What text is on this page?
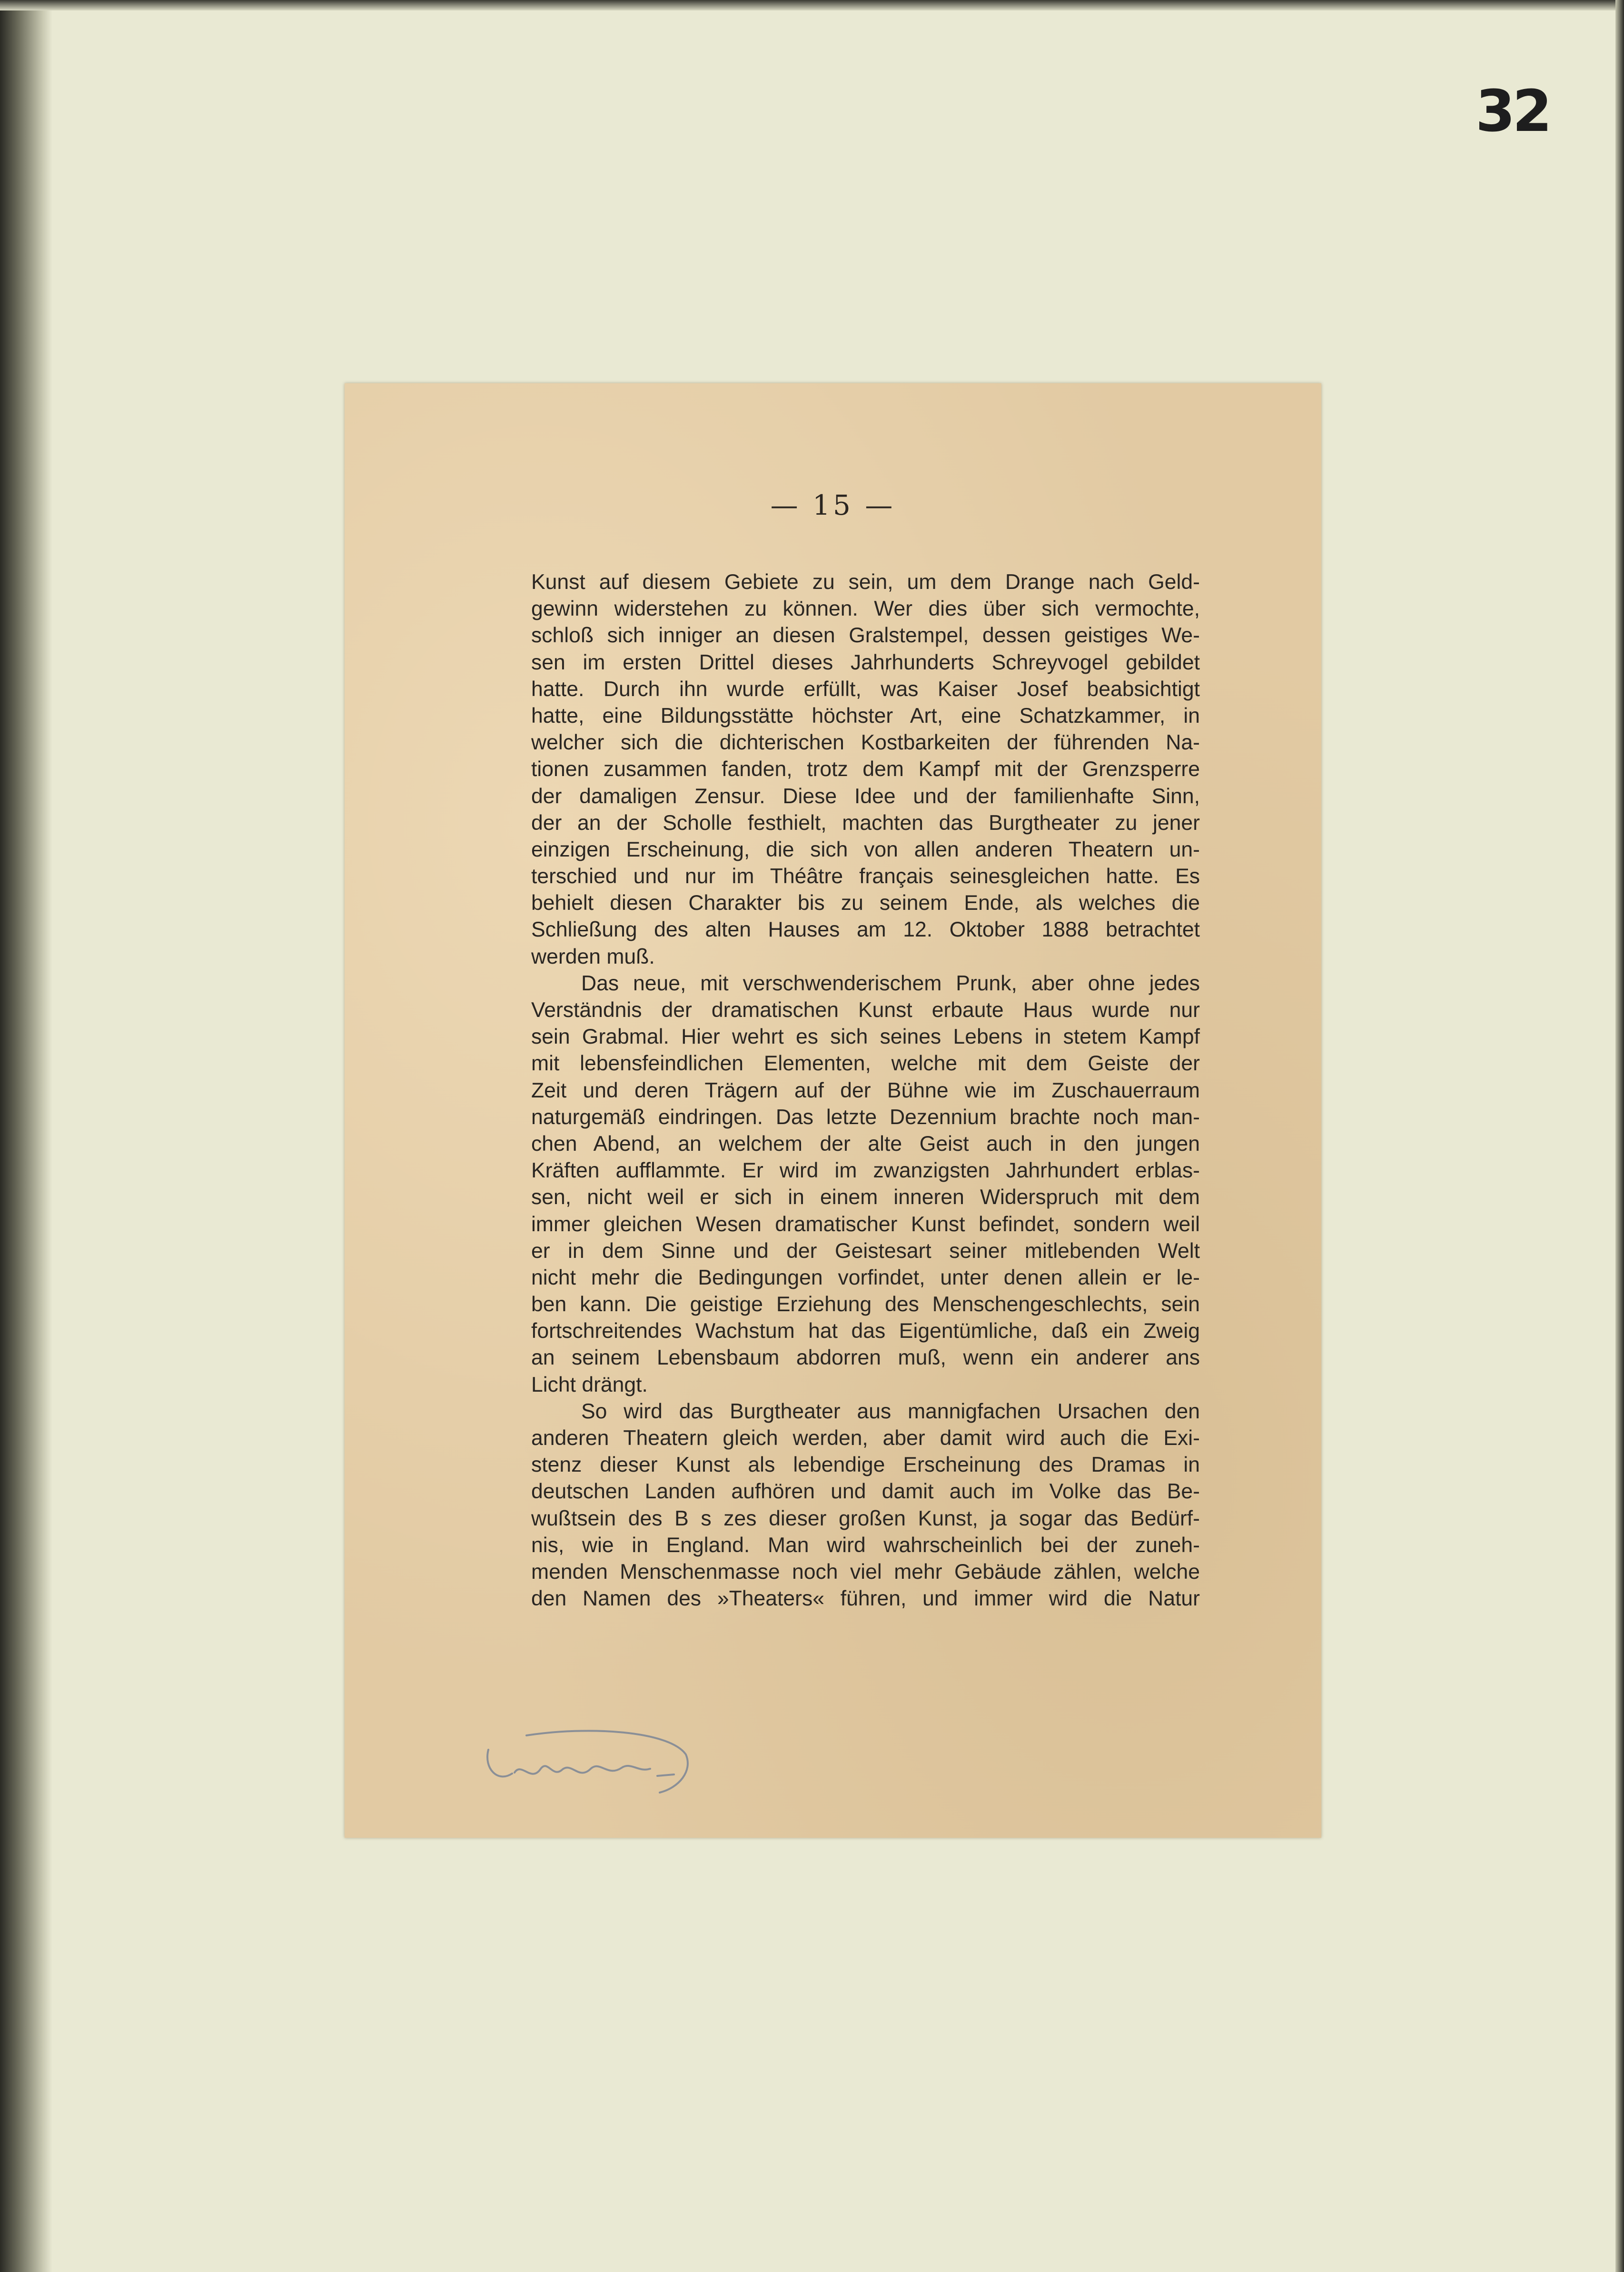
32
— 15 —
Kunst auf diesem Gebiete zu sein, um dem Drange nach Geld-
gewinn widerstehen zu können. Wer dies über sich vermochte,
schloß sich inniger an diesen Gralstempel, dessen geistiges We-
sen im ersten Drittel dieses Jahrhunderts Schreyvogel gebildet
hatte. Durch ihn wurde erfüllt, was Kaiser Josef beabsichtigt
hatte, eine Bildungsstätte höchster Art, eine Schatzkammer, in
welcher sich die dichterischen Kostbarkeiten der führenden Na-
tionen zusammen fanden, trotz dem Kampf mit der Grenzsperre
der damaligen Zensur. Diese Idee und der familienhafte Sinn,
der an der Scholle festhielt, machten das Burgtheater zu jener
einzigen Erscheinung, die sich von allen anderen Theatern un-
terschied und nur im Théâtre français seinesgleichen hatte. Es
behielt diesen Charakter bis zu seinem Ende, als welches die
Schließung des alten Hauses am 12. Oktober 1888 betrachtet
werden muß.
Das neue, mit verschwenderischem Prunk, aber ohne jedes
Verständnis der dramatischen Kunst erbaute Haus wurde nur
sein Grabmal. Hier wehrt es sich seines Lebens in stetem Kampf
mit lebensfeindlichen Elementen, welche mit dem Geiste der
Zeit und deren Trägern auf der Bühne wie im Zuschauerraum
naturgemäß eindringen. Das letzte Dezennium brachte noch man-
chen Abend, an welchem der alte Geist auch in den jungen
Kräften aufflammte. Er wird im zwanzigsten Jahrhundert erblas-
sen, nicht weil er sich in einem inneren Widerspruch mit dem
immer gleichen Wesen dramatischer Kunst befindet, sondern weil
er in dem Sinne und der Geistesart seiner mitlebenden Welt
nicht mehr die Bedingungen vorfindet, unter denen allein er le-
ben kann. Die geistige Erziehung des Menschengeschlechts, sein
fortschreitendes Wachstum hat das Eigentümliche, daß ein Zweig
an seinem Lebensbaum abdorren muß, wenn ein anderer ans
Licht drängt.
So wird das Burgtheater aus mannigfachen Ursachen den
anderen Theatern gleich werden, aber damit wird auch die Exi-
stenz dieser Kunst als lebendige Erscheinung des Dramas in
deutschen Landen aufhören und damit auch im Volke das Be-
wußtsein des B s zes dieser großen Kunst, ja sogar das Bedürf-
nis, wie in England. Man wird wahrscheinlich bei der zuneh-
menden Menschenmasse noch viel mehr Gebäude zählen, welche
den Namen des »Theaters« führen, und immer wird die Natur
